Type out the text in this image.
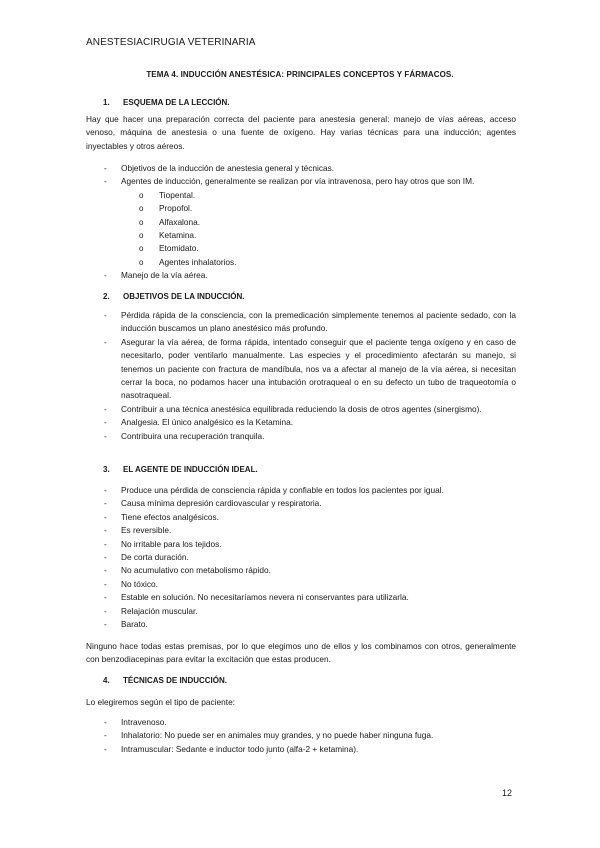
ANESTESIACIRUGIA VETERINARIA
TEMA 4. INDUCCIÓN ANESTÉSICA: PRINCIPALES CONCEPTOS Y FÁRMACOS.
1. ESQUEMA DE LA LECCIÓN.
Hay que hacer una preparación correcta del paciente para anestesia general: manejo de vías aéreas, acceso venoso, máquina de anestesia o una fuente de oxígeno. Hay varias técnicas para una inducción; agentes inyectables y otros aéreos.
- Objetivos de la inducción de anestesia general y técnicas.
- Agentes de inducción, generalmente se realizan por vía intravenosa, pero hay otros que son IM.
o Tiopental.
o Propofol.
o Alfaxalona.
o Ketamina.
o Etomidato.
o Agentes inhalatorios.
- Manejo de la vía aérea.
2. OBJETIVOS DE LA INDUCCIÓN.
- Pérdida rápida de la consciencia, con la premedicación simplemente tenemos al paciente sedado, con la inducción buscamos un plano anestésico más profundo.
- Asegurar la vía aérea, de forma rápida, intentado conseguir que el paciente tenga oxígeno y en caso de necesitarlo, poder ventilarlo manualmente. Las especies y el procedimiento afectarán su manejo, si tenemos un paciente con fractura de mandíbula, nos va a afectar al manejo de la vía aérea, si necesitan cerrar la boca, no podamos hacer una intubación orotraqueal o en su defecto un tubo de traqueotomía o nasotraqueal.
- Contribuir a una técnica anestésica equilibrada reduciendo la dosis de otros agentes (sinergismo).
- Analgesia. El único analgésico es la Ketamina.
- Contribuira una recuperación tranquila.
3. EL AGENTE DE INDUCCIÓN IDEAL.
- Produce una pérdida de consciencia rápida y confiable en todos los pacientes por igual.
- Causa mínima depresión cardiovascular y respiratoria.
- Tiene efectos analgésicos.
- Es reversible.
- No irritable para los tejidos.
- De corta duración.
- No acumulativo con metabolismo rápido.
- No tóxico.
- Estable en solución. No necesitaríamos nevera ni conservantes para utilizarla.
- Relajación muscular.
- Barato.
Ninguno hace todas estas premisas, por lo que elegimos uno de ellos y los combinamos con otros, generalmente con benzodiacepinas para evitar la excitación que estas producen.
4. TÉCNICAS DE INDUCCIÓN.
Lo elegiremos según el tipo de paciente:
- Intravenoso.
- Inhalatorio: No puede ser en animales muy grandes, y no puede haber ninguna fuga.
- Intramuscular: Sedante e inductor todo junto (alfa-2 + ketamina).
12
